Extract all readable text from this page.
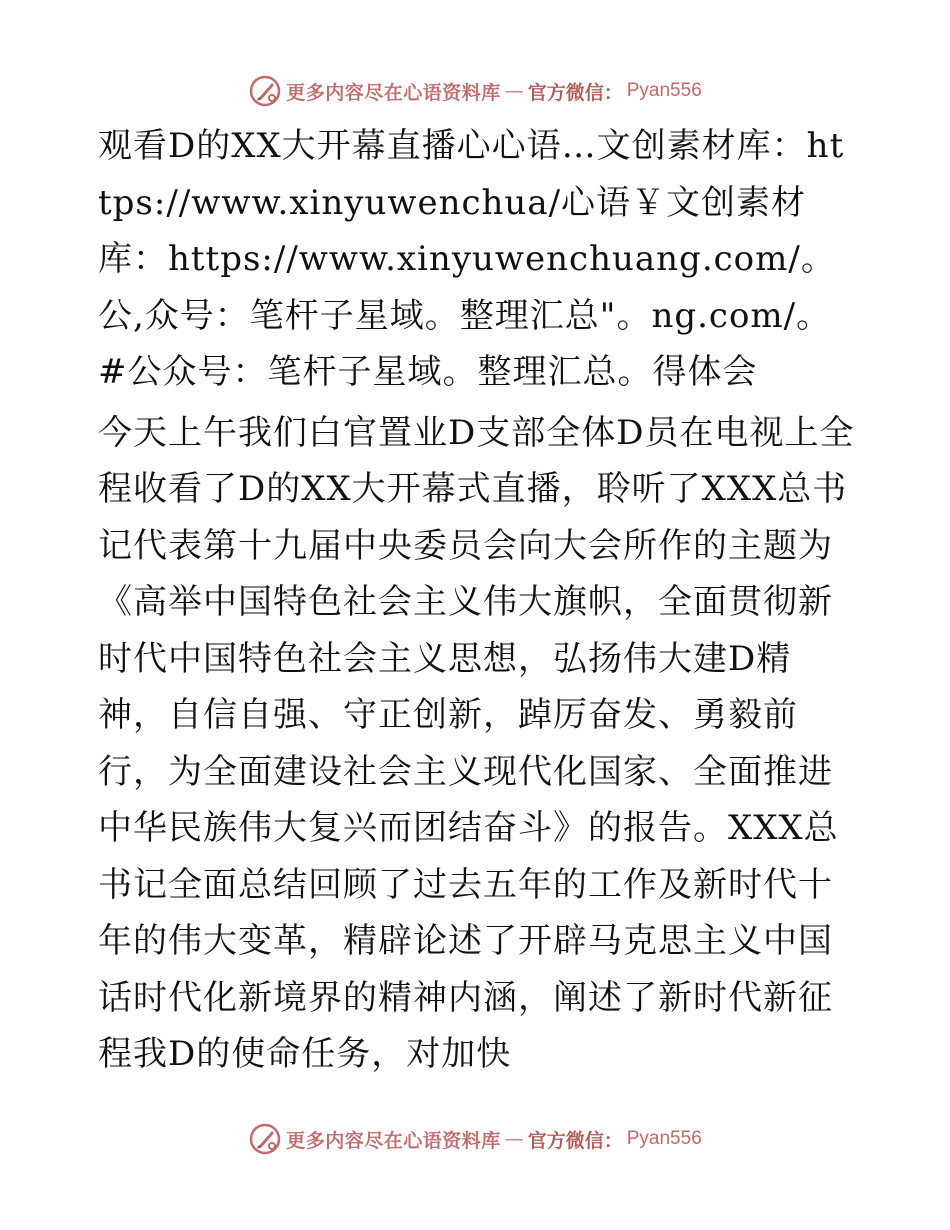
更多内容尽在心语资料库 — 官方微信： Pyan556

观看D的XX大开幕直播心心语…文创素材库：https://www.xinyuwenchua/心语￥文创素材库：https://www.xinyuwenchuang.com/。公,众号：笔杆子星域。整理汇总"。ng.com/。#公众号：笔杆子星域。整理汇总。得体会

今天上午我们白官置业D支部全体D员在电视上全程收看了D的XX大开幕式直播，聆听了XXX总书记代表第十九届中央委员会向大会所作的主题为《高举中国特色社会主义伟大旗帜，全面贯彻新时代中国特色社会主义思想，弘扬伟大建D精神，自信自强、守正创新，踔厉奋发、勇毅前行，为全面建设社会主义现代化国家、全面推进中华民族伟大复兴而团结奋斗》的报告。XXX总书记全面总结回顾了过去五年的工作及新时代十年的伟大变革，精辟论述了开辟马克思主义中国话时代化新境界的精神内涵，阐述了新时代新征程我D的使命任务，对加快

更多内容尽在心语资料库 — 官方微信： Pyan556
